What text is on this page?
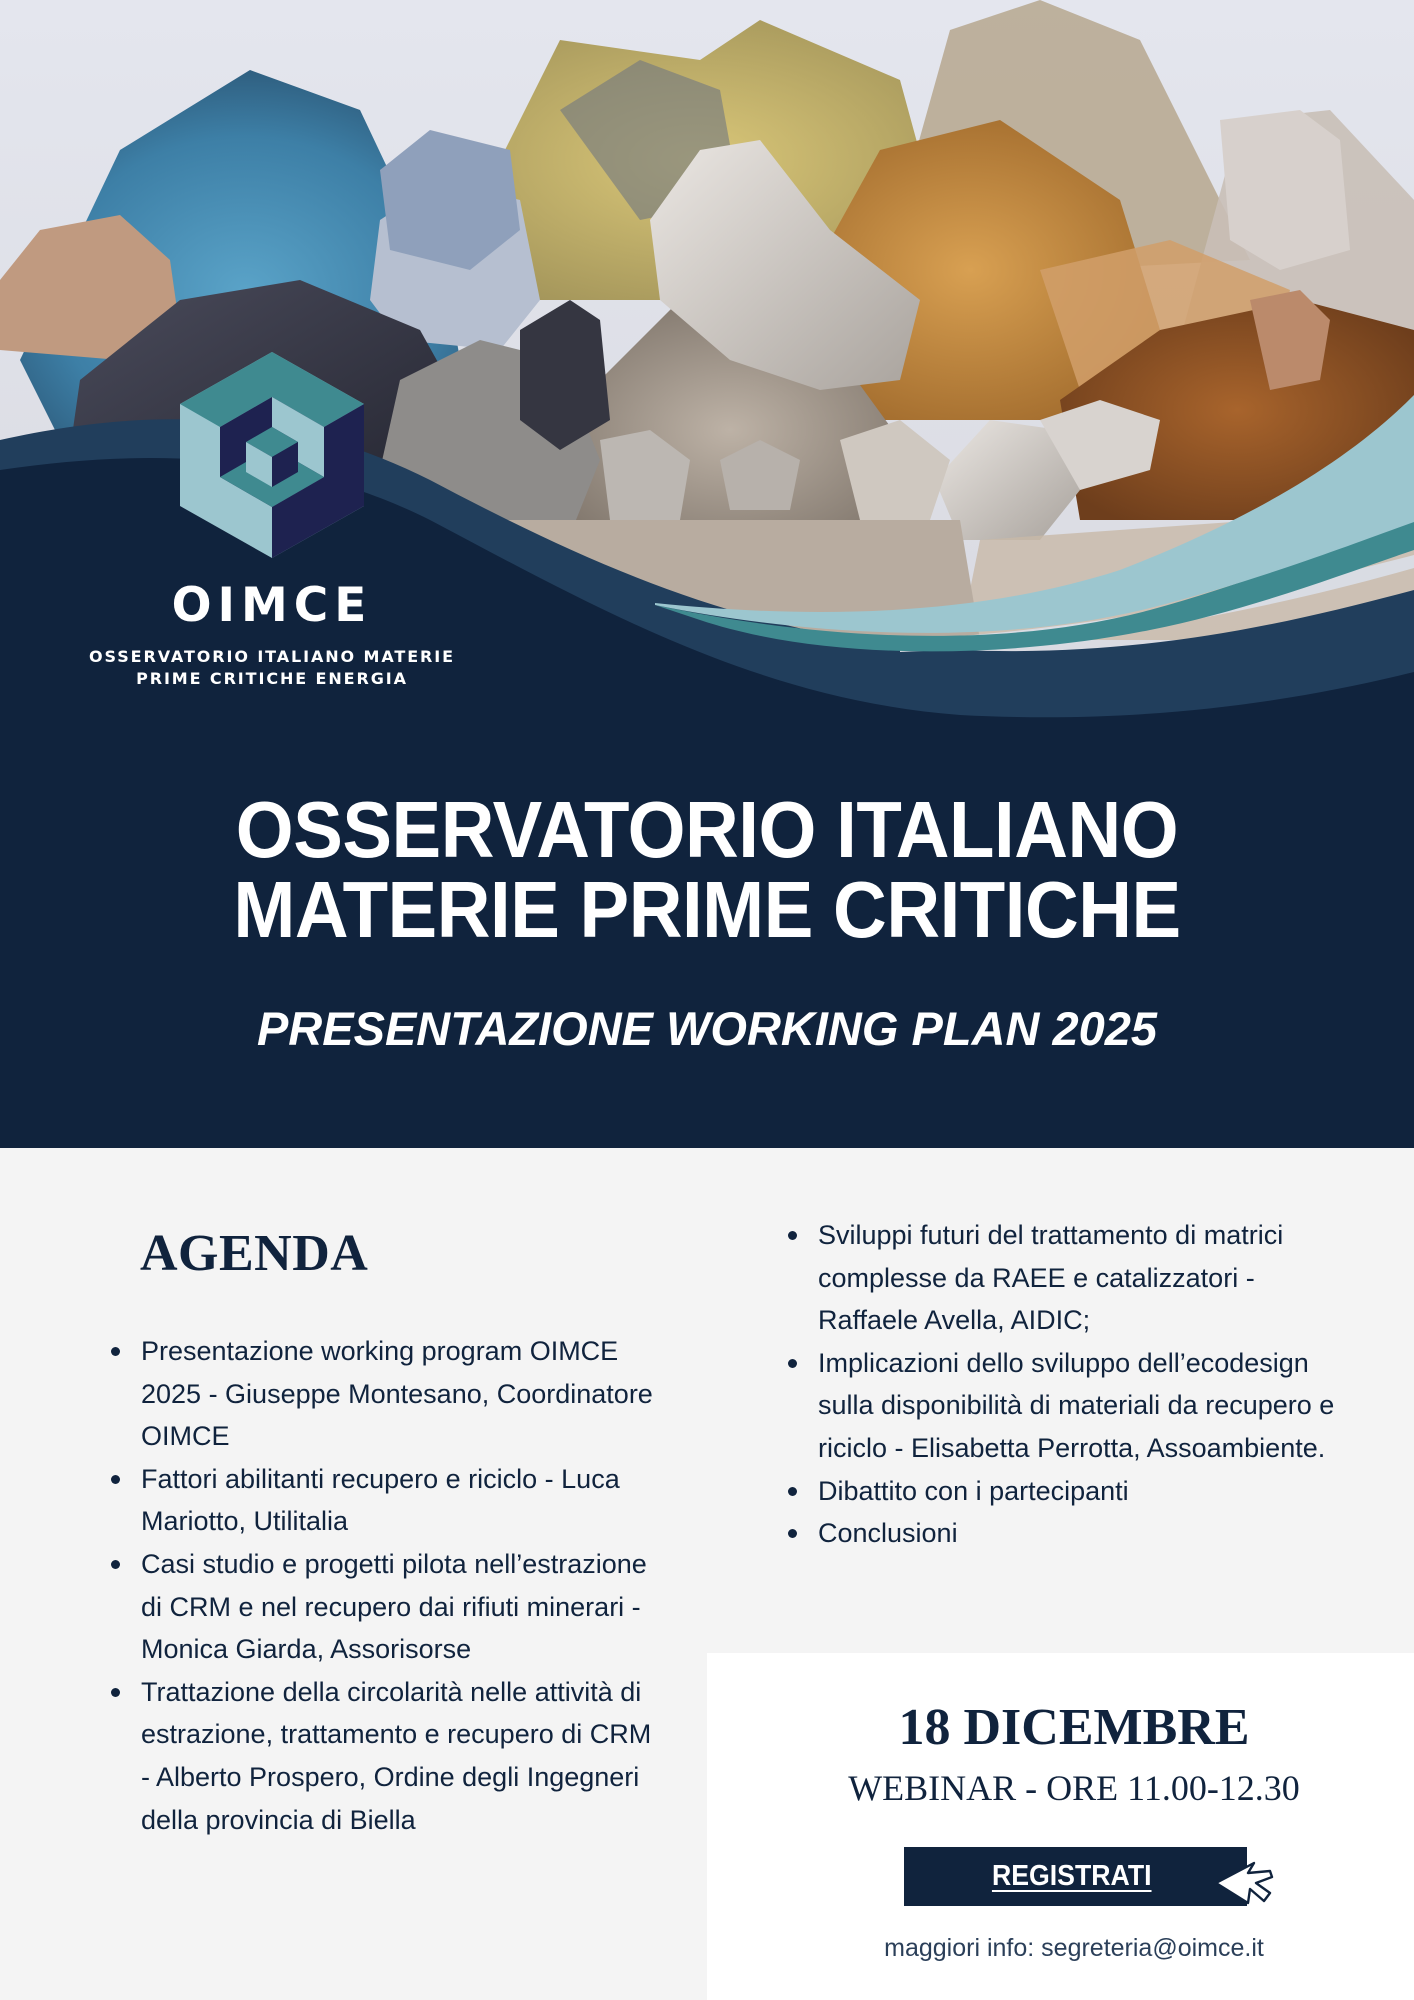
OIMCE
OSSERVATORIO ITALIANO MATERIE
PRIME CRITICHE ENERGIA
OSSERVATORIO ITALIANO
MATERIE PRIME CRITICHE
PRESENTAZIONE WORKING PLAN 2025
AGENDA
Presentazione working program OIMCE 2025 - Giuseppe Montesano, Coordinatore OIMCE
Fattori abilitanti recupero e riciclo - Luca Mariotto, Utilitalia
Casi studio e progetti pilota nell’estrazione di CRM e nel recupero dai rifiuti minerari - Monica Giarda, Assorisorse
Trattazione della circolarità nelle attività di estrazione, trattamento e recupero di CRM - Alberto Prospero, Ordine degli Ingegneri della provincia di Biella
Sviluppi futuri del trattamento di matrici complesse da RAEE e catalizzatori - Raffaele Avella, AIDIC;
Implicazioni dello sviluppo dell’ecodesign sulla disponibilità di materiali da recupero e riciclo - Elisabetta Perrotta, Assoambiente.
Dibattito con i partecipanti
Conclusioni
18 DICEMBRE
WEBINAR - ORE 11.00-12.30
REGISTRATI
maggiori info: segreteria@oimce.it
